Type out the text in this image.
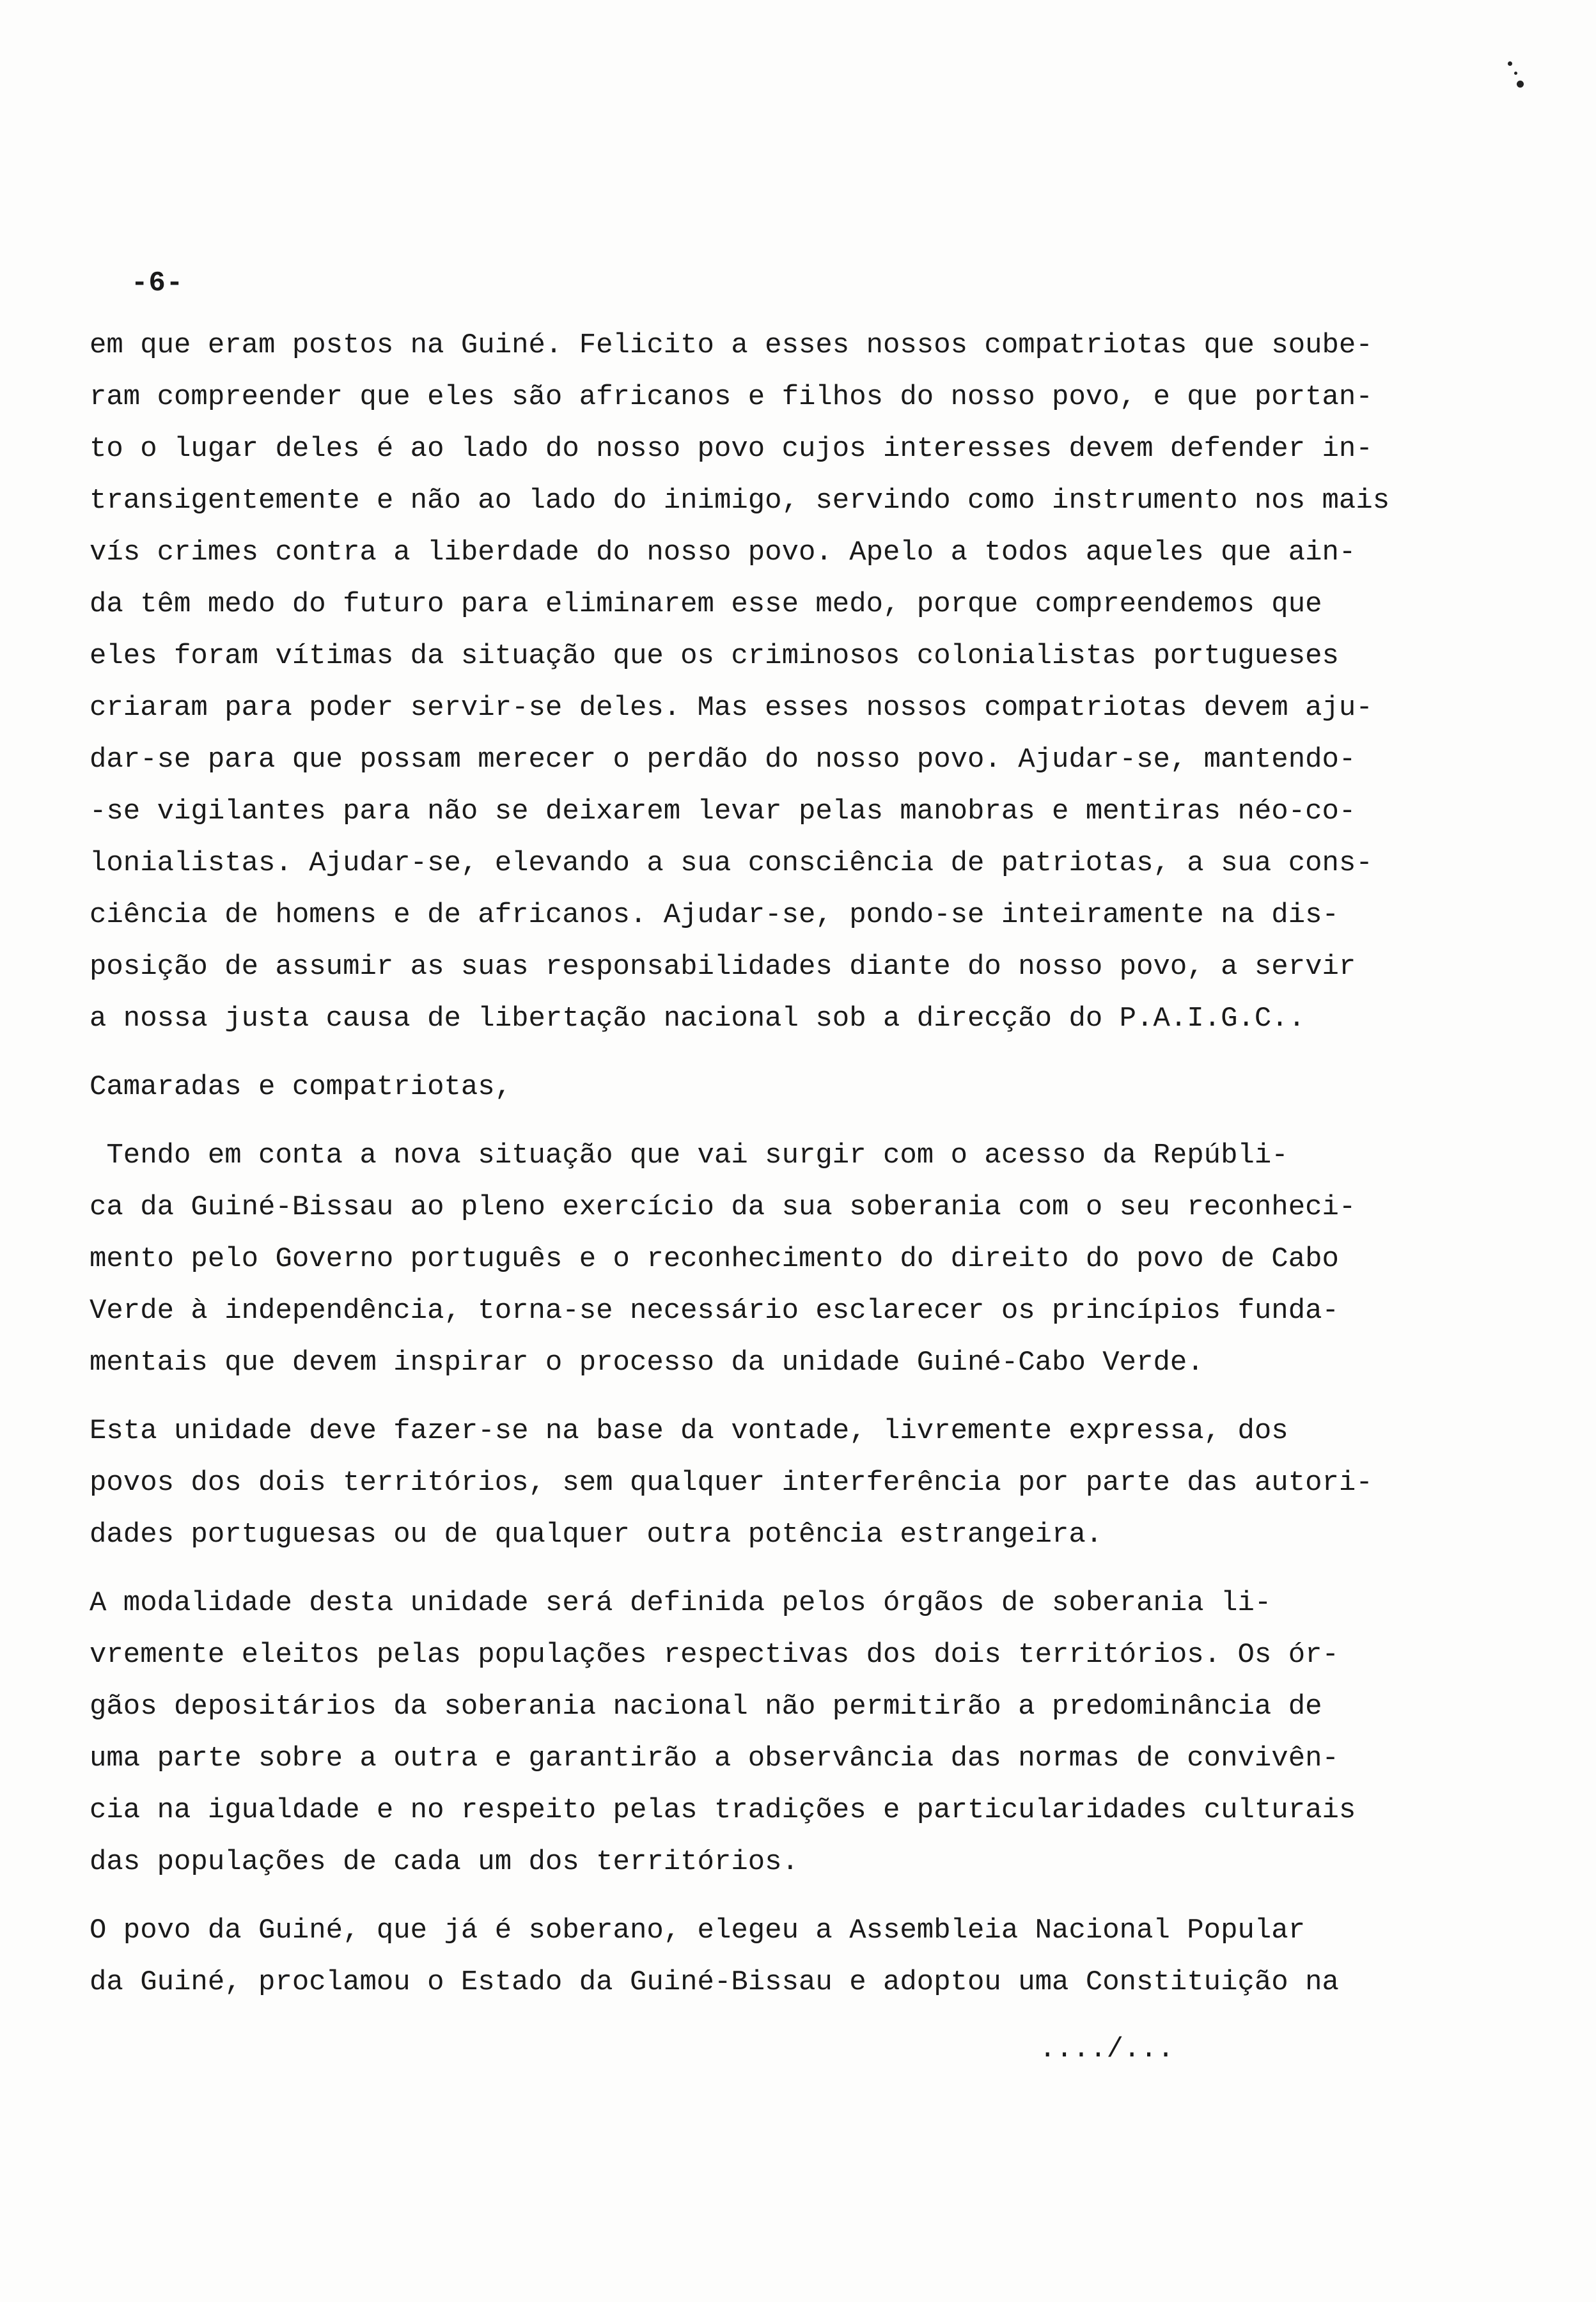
-6-
em que eram postos na Guiné. Felicito a esses nossos compatriotas que soube-
ram compreender que eles são africanos e filhos do nosso povo, e que portan-
to o lugar deles é ao lado do nosso povo cujos interesses devem defender in-
transigentemente e não ao lado do inimigo, servindo como instrumento nos mais
vís crimes contra a liberdade do nosso povo. Apelo a todos aqueles que ain-
da têm medo do futuro para eliminarem esse medo, porque compreendemos que
eles foram vítimas da situação que os criminosos colonialistas portugueses
criaram para poder servir-se deles. Mas esses nossos compatriotas devem aju-
dar-se para que possam merecer o perdão do nosso povo. Ajudar-se, mantendo-
-se vigilantes para não se deixarem levar pelas manobras e mentiras néo-co-
lonialistas. Ajudar-se, elevando a sua consciência de patriotas, a sua cons-
ciência de homens e de africanos. Ajudar-se, pondo-se inteiramente na dis-
posição de assumir as suas responsabilidades diante do nosso povo, a servir
a nossa justa causa de libertação nacional sob a direcção do P.A.I.G.C..
Camaradas e compatriotas,
Tendo em conta a nova situação que vai surgir com o acesso da Repúbli-
ca da Guiné-Bissau ao pleno exercício da sua soberania com o seu reconheci-
mento pelo Governo português e o reconhecimento do direito do povo de Cabo
Verde à independência, torna-se necessário esclarecer os princípios funda-
mentais que devem inspirar o processo da unidade Guiné-Cabo Verde.
Esta unidade deve fazer-se na base da vontade, livremente expressa, dos
povos dos dois territórios, sem qualquer interferência por parte das autori-
dades portuguesas ou de qualquer outra potência estrangeira.
A modalidade desta unidade será definida pelos órgãos de soberania li-
vremente eleitos pelas populações respectivas dos dois territórios. Os ór-
gãos depositários da soberania nacional não permitirão a predominância de
uma parte sobre a outra e garantirão a observância das normas de convivên-
cia na igualdade e no respeito pelas tradições e particularidades culturais
das populações de cada um dos territórios.
O povo da Guiné, que já é soberano, elegeu a Assembleia Nacional Popular
da Guiné, proclamou o Estado da Guiné-Bissau e adoptou uma Constituição na
..../...
